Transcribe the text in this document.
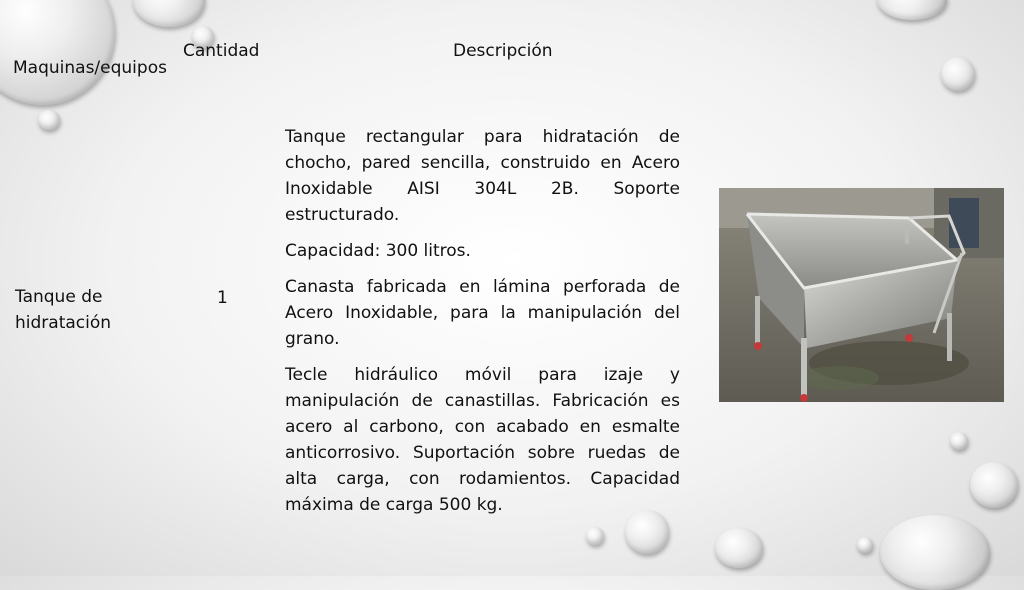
Maquinas/equipos
Cantidad	Descripción
Tanque de hidratación
1

Tanque rectangular para hidratación de chocho, pared sencilla, construido en Acero Inoxidable AISI 304L 2B. Soporte estructurado.

Capacidad: 300 litros.

Canasta fabricada en lámina perforada de Acero Inoxidable, para la manipulación del grano.

Tecle hidráulico móvil para izaje y manipulación de canastillas. Fabricación es acero al carbono, con acabado en esmalte anticorrosivo. Suportación sobre ruedas de alta carga, con rodamientos. Capacidad máxima de carga 500 kg.
